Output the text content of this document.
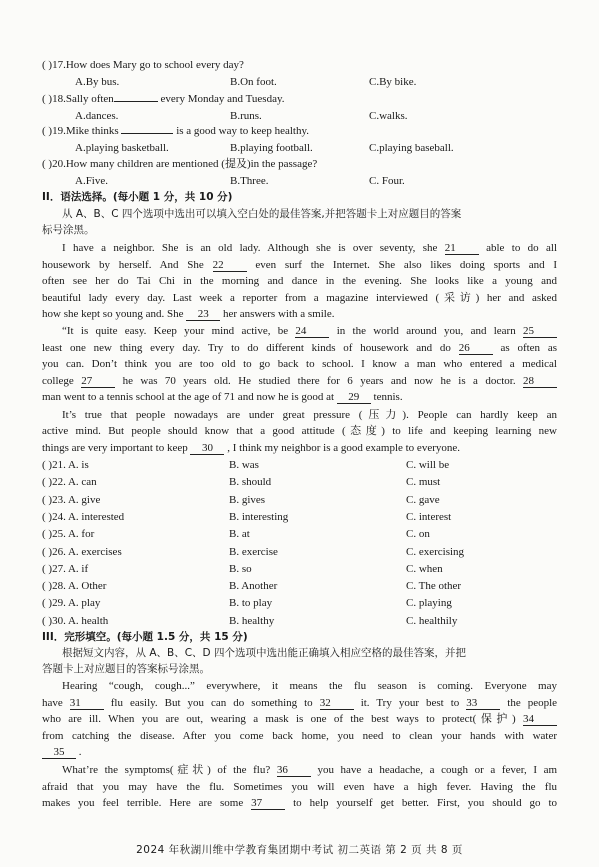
( )17.How does Mary go to school every day?
A.By bus.	B.On foot.	C.By bike.
( )18.Sally often	every Monday and Tuesday.
A.dances.	B.runs.	C.walks.
( )19.Mike thinks	is a good way to keep healthy.
A.playing basketball.	B.playing football.	C.playing baseball.
( )20.How many children are mentioned (提及)in the passage?
A.Five.	B.Three.	C. Four.
II．语法选择。(每小题 1 分，共 10 分)
从 A、B、C 四个选项中选出可以填入空白处的最佳答案,并把答题卡上对应题目的答案
标号涂黑。
I have a neighbor. She is an old lady. Although she is over seventy, she 21	able to do all
housework by herself. And She 22	even surf the Internet. She also likes doing sports and I
often see her do Tai Chi in the morning and dance in the evening. She looks like a young and
beautiful lady every day. Last week a reporter from a magazine interviewed (采访) her and asked
how she kept so young and. She 23 her answers with a smile.
“It is quite easy. Keep your mind active, be 24	in the world around you, and learn 25
least one new thing every day. Try to do different kinds of housework and do 26	as often as
you can. Don’t think you are too old to go back to school. I know a man who entered a medical
college 27	he was 70 years old. He studied there for 6 years and now he is a doctor. 28
man went to a tennis school at the age of 71 and now he is good at 29 tennis.
It’s true that people nowadays are under great pressure (压力). People can hardly keep an
active mind. But people should know that a good attitude (态度) to life and keeping learning new
things are very important to keep 30 , I think my neighbor is a good example to everyone.
( )21. A. is	B. was	C. will be
( )22. A. can	B. should	C. must
( )23. A. give	B. gives	C. gave
( )24. A. interested	B. interesting	C. interest
( )25. A. for	B. at	C. on
( )26. A. exercises	B. exercise	C. exercising
( )27. A. if	B. so	C. when
( )28. A. Other	B. Another	C. The other
( )29. A. play	B. to play	C. playing
( )30. A. health	B. healthy	C. healthily
III．完形填空。(每小题 1.5 分，共 15 分)
根据短文内容，从 A、B、C、D 四个选项中选出能正确填入相应空格的最佳答案，并把
答题卡上对应题目的答案标号涂黑。
Hearing “cough, cough...” everywhere, it means the flu season is coming. Everyone may
have 31	flu easily. But you can do something to 32	it. Try your best to 33	the people
who are ill. When you are out, wearing a mask is one of the best ways to protect(保护) 34
from catching the disease. After you come back home, you need to clean your hands with water
35 .
What’re the symptoms(症状) of the flu? 36	you have a headache, a cough or a fever, I am
afraid that you may have the flu. Sometimes you will even have a high fever. Having the flu
makes you feel terrible. Here are some 37	to help yourself get better. First, you should go to
2024 年秋湖川维中学教育集团期中考试 初二英语 第 2 页 共 8 页
